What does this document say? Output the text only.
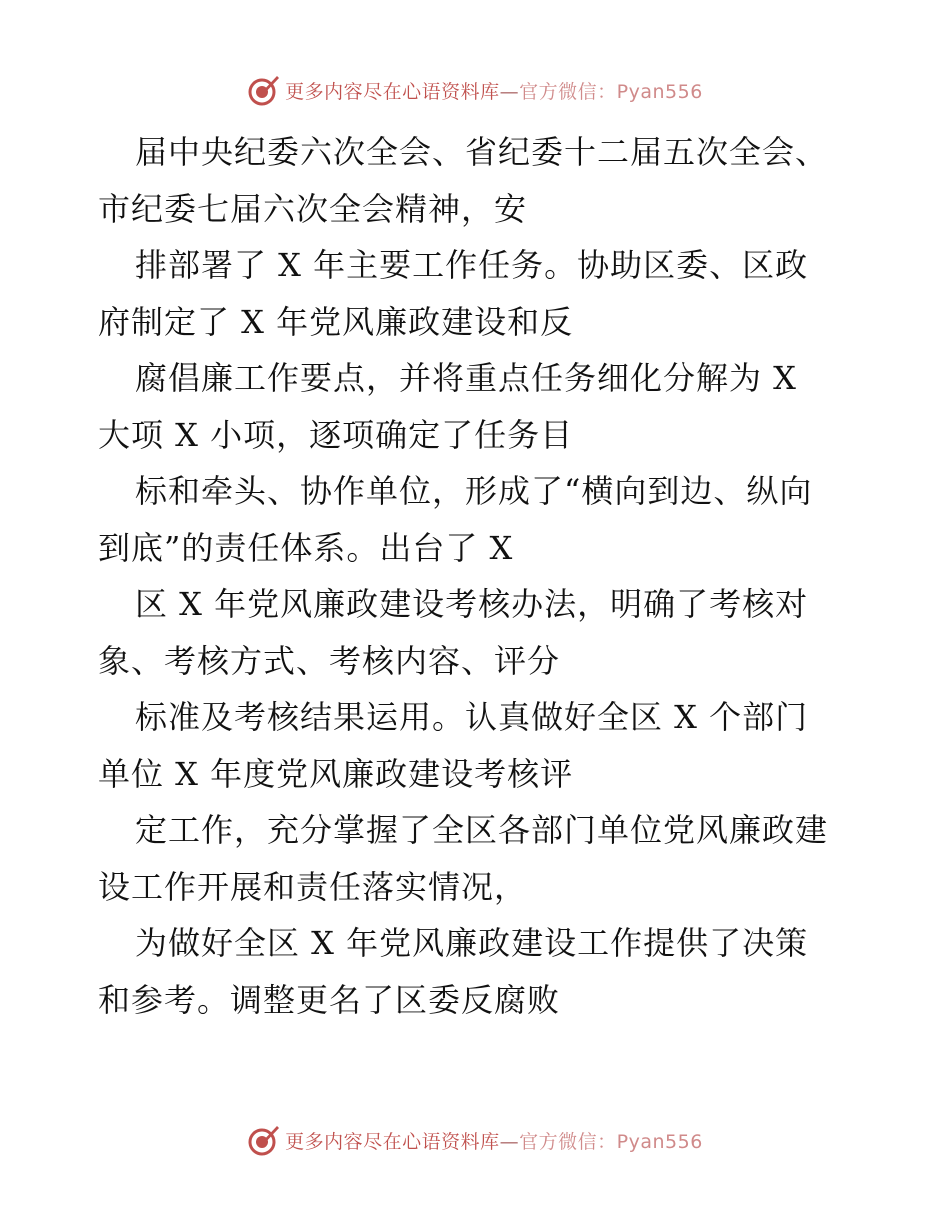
更多内容尽在心语资料库—官方微信：Pyan556
届中央纪委六次全会、省纪委十二届五次全会、
市纪委七届六次全会精神，安
排部署了 X 年主要工作任务。协助区委、区政
府制定了 X 年党风廉政建设和反
腐倡廉工作要点，并将重点任务细化分解为 X
大项 X 小项，逐项确定了任务目
标和牵头、协作单位，形成了“横向到边、纵向
到底”的责任体系。出台了 X
区 X 年党风廉政建设考核办法，明确了考核对
象、考核方式、考核内容、评分
标准及考核结果运用。认真做好全区 X 个部门
单位 X 年度党风廉政建设考核评
定工作，充分掌握了全区各部门单位党风廉政建
设工作开展和责任落实情况，
为做好全区 X 年党风廉政建设工作提供了决策
和参考。调整更名了区委反腐败
更多内容尽在心语资料库—官方微信：Pyan556
